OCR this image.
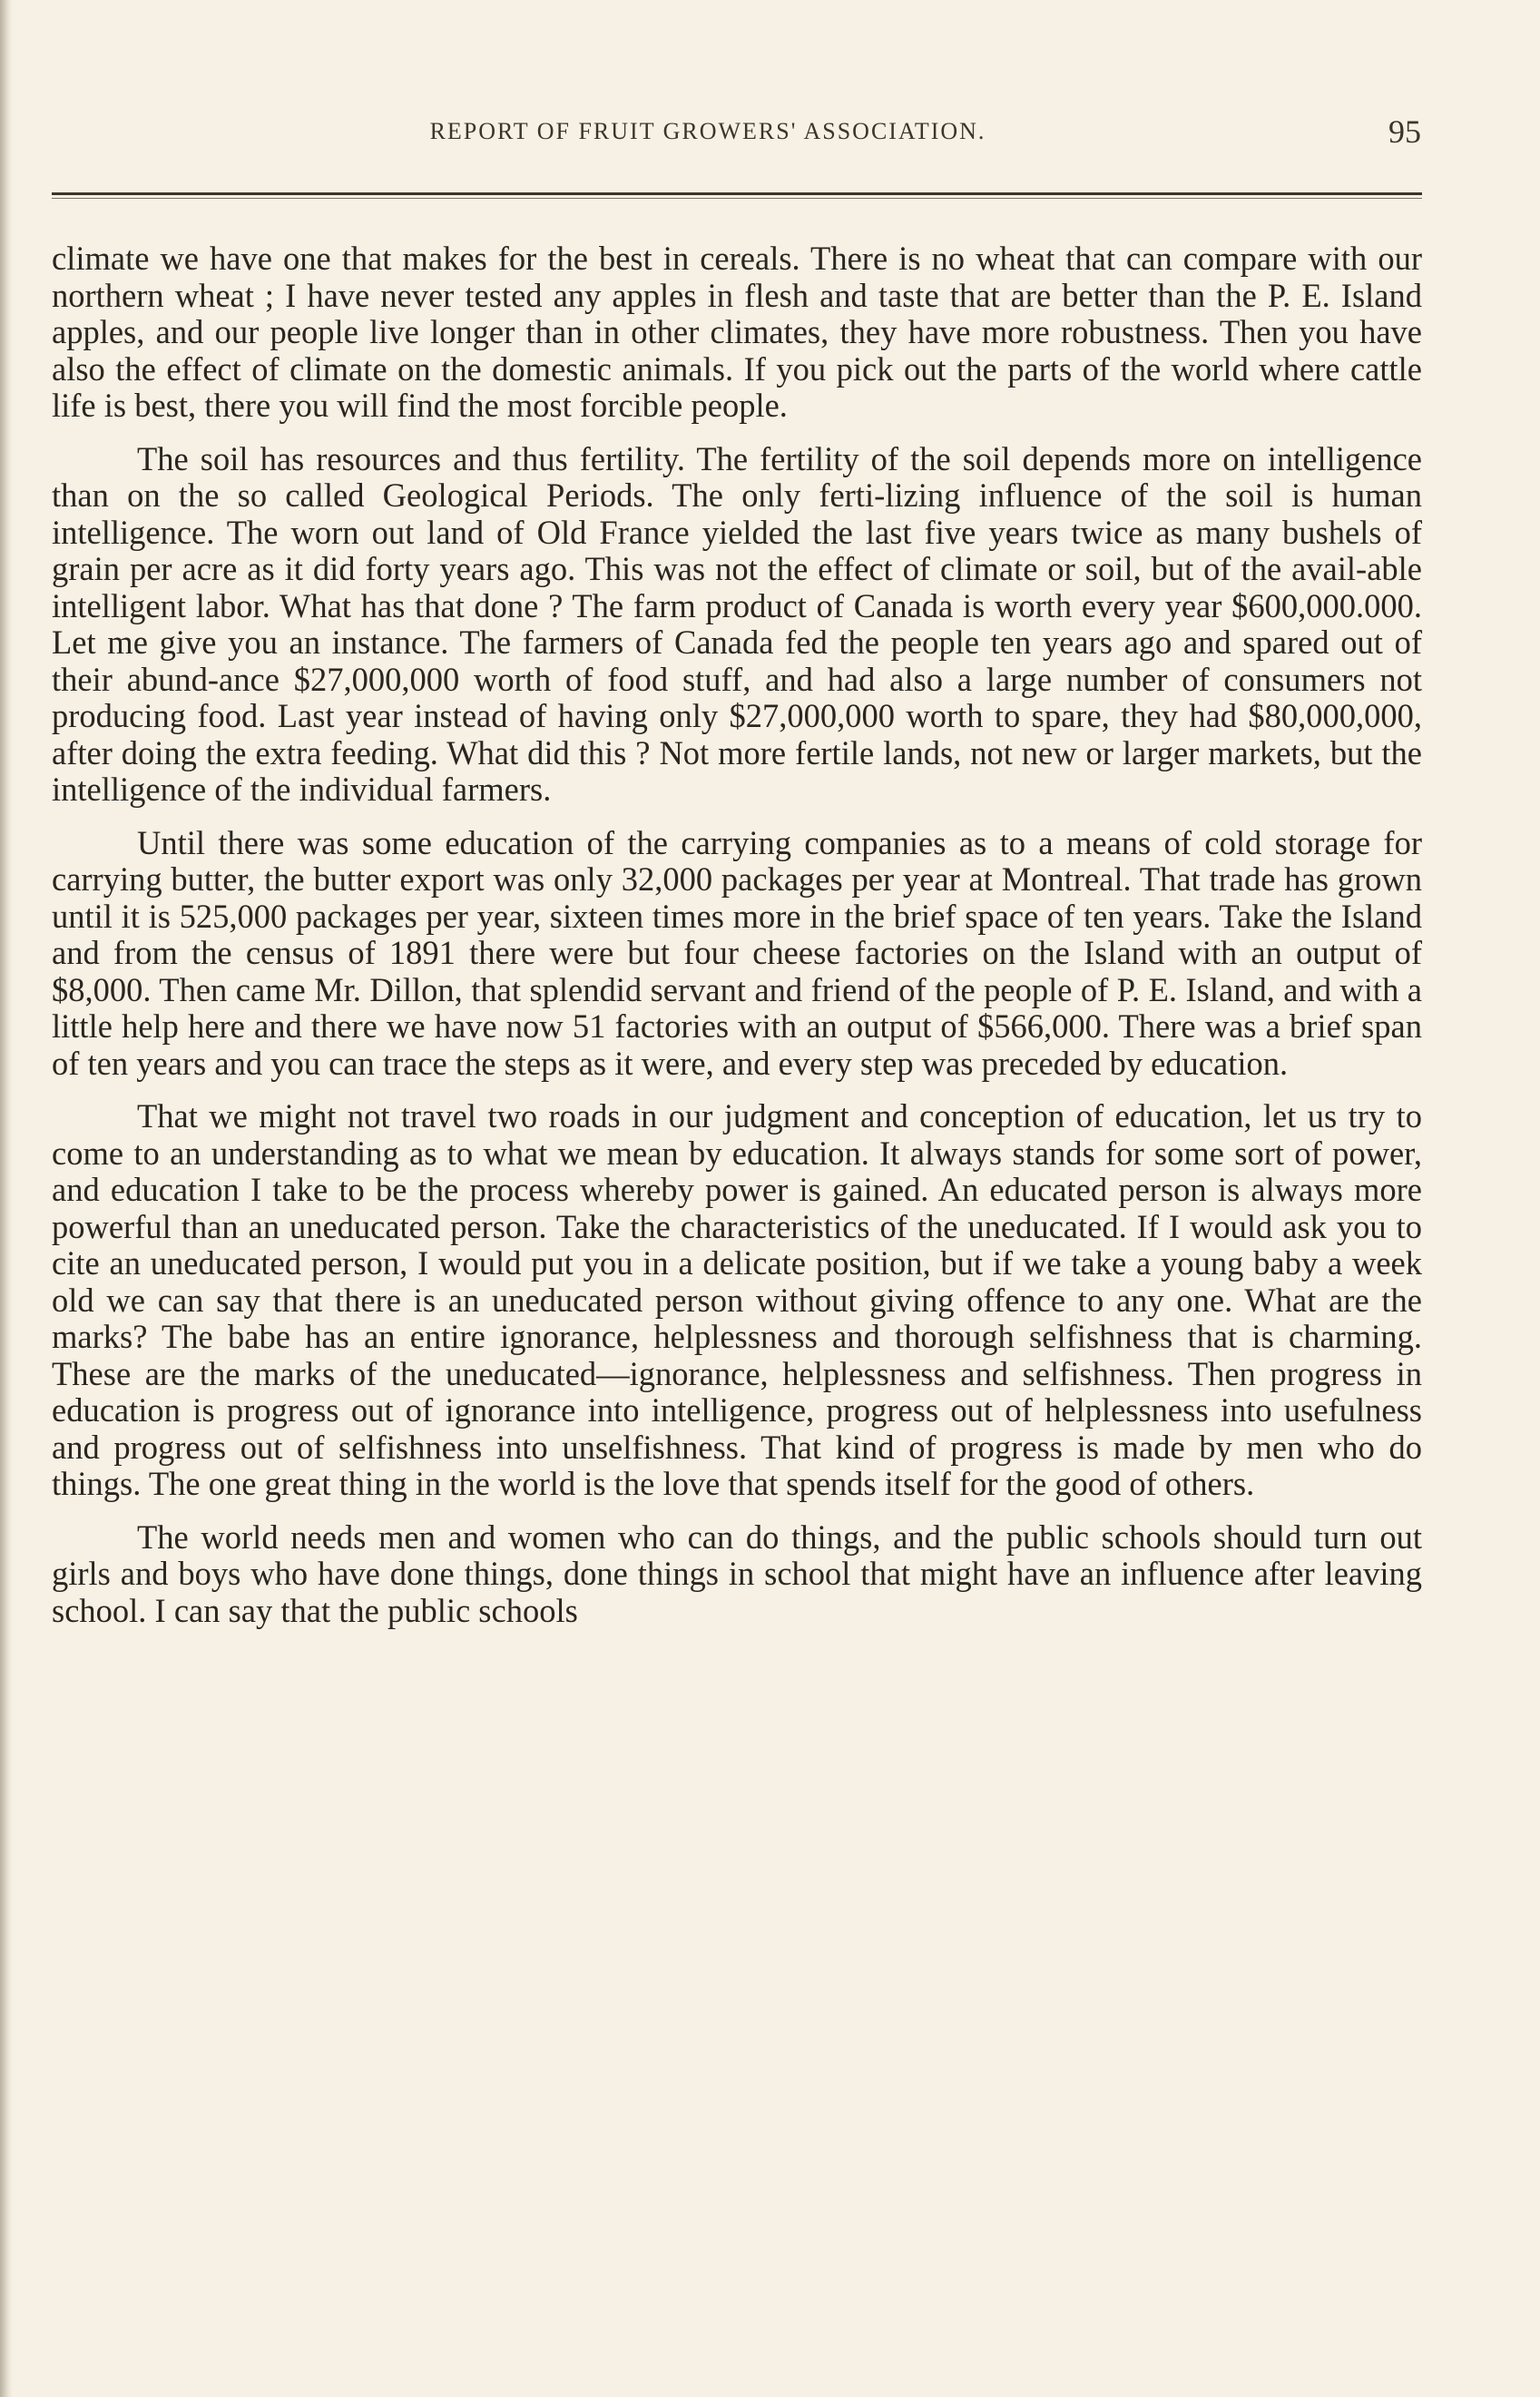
REPORT OF FRUIT GROWERS' ASSOCIATION.	95

climate we have one that makes for the best in cereals. There is no wheat that can compare with our northern wheat ; I have never tested any apples in flesh and taste that are better than the P. E. Island apples, and our people live longer than in other climates, they have more robustness. Then you have also the effect of climate on the domestic animals. If you pick out the parts of the world where cattle life is best, there you will find the most forcible people.

The soil has resources and thus fertility. The fertility of the soil depends more on intelligence than on the so called Geological Periods. The only ferti-lizing influence of the soil is human intelligence. The worn out land of Old France yielded the last five years twice as many bushels of grain per acre as it did forty years ago. This was not the effect of climate or soil, but of the avail-able intelligent labor. What has that done ? The farm product of Canada is worth every year $600,000.000. Let me give you an instance. The farmers of Canada fed the people ten years ago and spared out of their abund-ance $27,000,000 worth of food stuff, and had also a large number of consumers not producing food. Last year instead of having only $27,000,000 worth to spare, they had $80,000,000, after doing the extra feeding. What did this ? Not more fertile lands, not new or larger markets, but the intelligence of the individual farmers.

Until there was some education of the carrying companies as to a means of cold storage for carrying butter, the butter export was only 32,000 packages per year at Montreal. That trade has grown until it is 525,000 packages per year, sixteen times more in the brief space of ten years. Take the Island and from the census of 1891 there were but four cheese factories on the Island with an output of $8,000. Then came Mr. Dillon, that splendid servant and friend of the people of P. E. Island, and with a little help here and there we have now 51 factories with an output of $566,000. There was a brief span of ten years and you can trace the steps as it were, and every step was preceded by education.

That we might not travel two roads in our judgment and conception of education, let us try to come to an understanding as to what we mean by education. It always stands for some sort of power, and education I take to be the process whereby power is gained. An educated person is always more powerful than an uneducated person. Take the characteristics of the uneducated. If I would ask you to cite an uneducated person, I would put you in a delicate position, but if we take a young baby a week old we can say that there is an uneducated person without giving offence to any one. What are the marks? The babe has an entire ignorance, helplessness and thorough selfishness that is charming. These are the marks of the uneducated—ignorance, helplessness and selfishness. Then progress in education is progress out of ignorance into intelligence, progress out of helplessness into usefulness and progress out of selfishness into unselfishness. That kind of progress is made by men who do things. The one great thing in the world is the love that spends itself for the good of others.

The world needs men and women who can do things, and the public schools should turn out girls and boys who have done things, done things in school that might have an influence after leaving school. I can say that the public schools
